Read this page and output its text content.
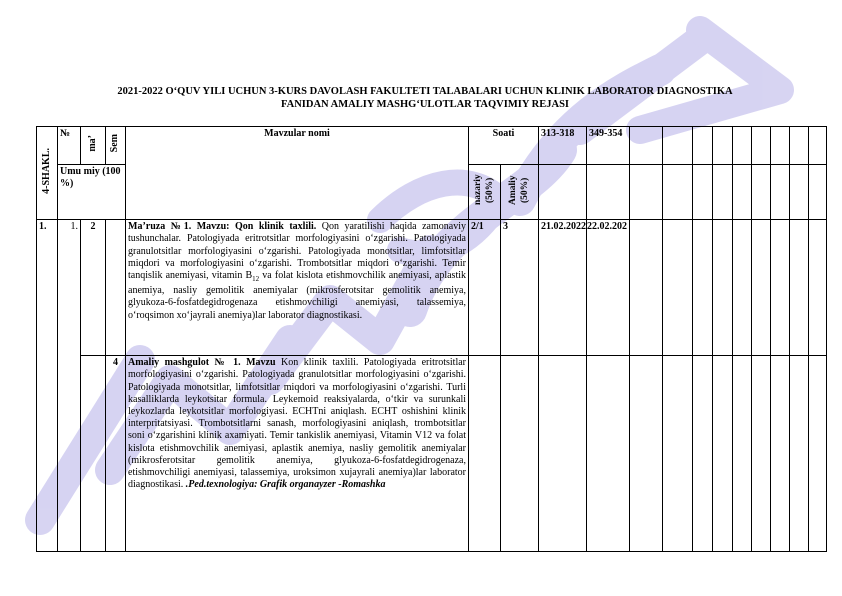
2021-2022 O‘QUV YILI UCHUN 3-KURS DAVOLASH FAKULTETI TALABALARI UCHUN KLINIK LABORATOR DIAGNOSTIKA
FANIDAN AMALIY MASHG‘ULOTLAR TAQVIMIY REJASI
4-SHAKL.	№	ma’	Sem	Mavzular nomi	Soati		313-318	349-354									
	Umu miy (100 %)				nazariy (50%)	Amaliy (50%)											
1.	1.	2		Ma’ruza №1. Mavzu: Qon klinik taxlili. Qon yaratilishi haqida zamonaviy tushunchalar. Patologiyada eritrotsitlar morfologiyasini o‘zgarishi. Patologiyada granulotsitlar morfologiyasini o‘zgarishi. Patologiyada monotsitlar, limfotsitlar miqdori va morfologiyasini o‘zgarishi. Trombotsitlar miqdori o‘zgarishi. Temir tanqislik anemiyasi, vitamin $B_{12}$ va folat kislota etishmovchilik anemiyasi, aplastik anemiya, nasliy gemolitik anemiyalar (mikrosferotsitar gemolitik anemiya, glyukoza-6-fosfatdegidrogenaza etishmovchiligi anemiyasi, talassemiya, o‘roqsimon xo‘jayrali anemiya)lar laborator diagnostikasi.	2/1	3	21.02.2022	22.02.202									
			4	Amaliy mashgulot № 1. Mavzu Kon klinik taxlili. Patologiyada eritrotsitlar morfologiyasini o‘zgarishi. Patologiyada granulotsitlar morfologiyasini o‘zgarishi. Patologiyada monotsitlar, limfotsitlar miqdori va morfologiyasini o‘zgarishi. Turli kasalliklarda leykotsitar formula. Leykemoid reaksiyalarda, o‘tkir va surunkali leykozlarda leykotsitlar morfologiyasi. ECHTni aniqlash. ECHT oshishini klinik interpritatsiyasi. Trombotsitlarni sanash, morfologiyasini aniqlash, trombotsitlar soni o‘zgarishini klinik axamiyati. Temir tankislik anemiyasi, Vitamin V12 va folat kislota etishmovchilik anemiyasi, aplastik anemiya, nasliy gemolitik anemiyalar (mikrosferotsitar gemolitik anemiya, glyukoza-6-fosfatdegidrogenaza, etishmovchiligi anemiyasi, talassemiya, uroksimon xujayrali anemiya)lar laborator diagnostikasi. .Ped.texnologiya: Grafik organayzer -Romashka													
